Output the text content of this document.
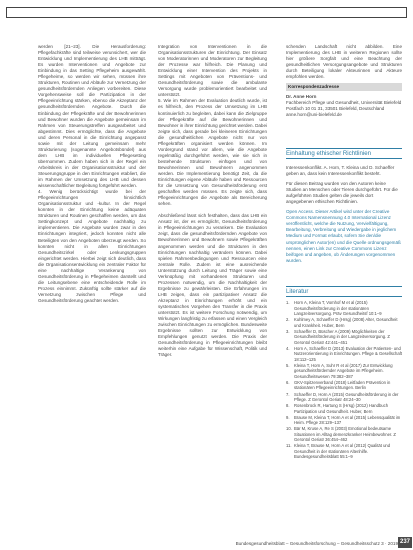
werden [21–23]. Die Herausforderung: Pflegefachkräfte sind teilweise verunsichert, wer die Entwicklung und Implementierung des LHB mitträgt. Es wurden Interventionen und Angebote zur Einbindung in das Setting Pflegeheim ausgewählt. Pflegeheime, so werden wir sehen, müssen ihre Strukturen, Routinen und Abläufe zur Vernetzung der gesundheitsfördernden Anliegen vorbereiten. Diese Vorgehensweise soll die Partizipation in der Pflegeeinrichtung stärken, ebenso die Akzeptanz der gesundheitsfördernden Angebote. Durch die Einbindung der Pflegekräfte und der Bewohnerinnen und Bewohner wurden die Angebote gemeinsam im Rahmen von Steuerungstreffen ausgearbeitet und abgestimmt. Dies ermöglichte, dass die Angebote und deren Personal in die Einrichtung angepasst sowie mit der Leitung gemeinsam mehr Strukturierung (sogenannte Angebotsbündel) aus dem LHB im individuellen Pflegesetting übernommen. Zudem haben sich in der Regel ein Arbeitskreis in der Organisationsstruktur und der Steuerungsgruppe in den Einrichtungen etabliert, die im Rahmen der Umsetzung des LHB und dessen wissenschaftlicher Begleitung fortgeführt werden.

4. Wenig berücksichtigt wurde bei der Pflegeeinrichtungen hinsichtlich Organisationsstruktur und -kultur. In der Regel konnten in der Einrichtung keine adäquaten Strukturen und Routinen geschaffen werden, um das Settingkonzept und Angebote nachhaltig zu implementieren. Die Angebote wurden zwar in den Einrichtungen integriert, jedoch konnten nicht alle Beteiligten von den Angeboten überzeugt werden. So konnten nicht in allen Einrichtungen Gesundheitszirkel oder Lenkungsgruppen eingerichtet werden. Hierbei zeigt sich deutlich, dass die Organisationsentwicklung ein zentraler Faktor für eine nachhaltige Verankerung von Gesundheitsförderung in Pflegeheimen darstellt und die Leitungsebene eine entscheidende Rolle im Prozess einnimmt. Zukünftig sollte stärker auf die Vernetzung zwischen Pflege und Gesundheitsförderung geachtet werden.

Integration von Interventionen in die Organisationsstrukturen der Einrichtung. Der Einsatz von Moderatorinnen und Moderatoren zur Begleitung der Prozesse war hilfreich. Die Planung und Entwicklung einer Intervention des Projekts in Settings mit Angeboten von Präventions- und Gesundheitsförderung sowie die ambulante Versorgung wurde problemorientiert bearbeitet und unterstützt.

5. Wie im Rahmen der Evaluation deutlich wurde, ist es hilfreich, den Prozess der Umsetzung im LHB kontinuierlich zu begleiten, dabei kann die Zielgruppe der Pflegekräfte auf die Bewohnerinnen und Bewohner in ihrer Einrichtung gerichtet werden. Dabei zeigte sich, dass gerade bei kleineren Einrichtungen die gesundheitlichen Angebote nicht nur von Pflegekräften organisiert werden können. Im Vordergrund stand vor allem, wie die Angebote regelmäßig durchgeführt werden, wie sie sich in bestehende Strukturen einfügen und von Bewohnerinnen und Bewohnern angenommen werden. Die Implementierung benötigt Zeit, da die Einrichtungen eigene Abläufe haben und Ressourcen für die Umsetzung von Gesundheitsförderung erst geschaffen werden müssen. Es zeigte sich, dass Pflegeeinrichtungen die Angebote als Bereicherung sehen.

Abschließend lässt sich festhalten, dass das LHB ein Ansatz ist, der es ermöglicht, Gesundheitsförderung in Pflegeeinrichtungen zu verankern. Die Evaluation zeigt, dass die gesundheitsfördernden Angebote von Bewohnerinnen und Bewohnern sowie Pflegekräften angenommen werden und die Strukturen in den Einrichtungen nachhaltig verändern können. Dabei spielen Rahmenbedingungen und Ressourcen eine zentrale Rolle. Zudem ist eine ausreichende Unterstützung durch Leitung und Träger sowie eine Verknüpfung mit vorhandenen Strukturen und Prozessen notwendig, um die Nachhaltigkeit der Ergebnisse zu gewährleisten. Die Erfahrungen im LHB zeigen, dass ein partizipativer Ansatz die Akzeptanz in Einrichtungen erhöht und ein systematisches Vorgehen den Transfer in die Praxis unterstützt. Es ist weitere Forschung notwendig, um Wirkungen langfristig zu erfassen und einen Vergleich zwischen Einrichtungen zu ermöglichen. Bundesweite Ergebnisse sollten zur Entwicklung von Empfehlungen genutzt werden. Die Praxis der Gesundheitsförderung in Pflegeeinrichtungen bleibt weiterhin eine Aufgabe für Wissenschaft, Politik und Träger.

schenden Landschaft nicht abbilden. Eine Implementierung des LHB in weiteren Regionen sollte hier größere Sorgfalt und eine Beachtung der gesundheitlichen Versorgungsangebote und Strukturen durch Beteiligung lokaler Akteurinnen und Akteure empfohlen werden.

Korrespondenzadresse
Dr. Anne Horn
Fachbereich Pflege und Gesundheit, Universität Bielefeld
Postfach 10 01 31, 33501 Bielefeld, Deutschland
anne.horn@uni-bielefeld.de
Einhaltung ethischer Richtlinien

Interessenkonflikt. A. Horn, T. Kleina und D. Schaeffer geben an, dass kein Interessenkonflikt besteht.

Für diesen Beitrag wurden von den Autoren keine Studien an Menschen oder Tieren durchgeführt. Für die aufgeführten Studien gelten die jeweils dort angegebenen ethischen Richtlinien.

Open Access. Dieser Artikel wird unter der Creative Commons Namensnennung 4.0 International Lizenz veröffentlicht, welche die Nutzung, Vervielfältigung, Bearbeitung, Verbreitung und Wiedergabe in jeglichem Medium und Format erlaubt, sofern Sie den/die ursprünglichen Autor(en) und die Quelle ordnungsgemäß nennen, einen Link zur Creative Commons Lizenz beifügen und angeben, ob Änderungen vorgenommen wurden.

Literatur
1.	Horn A, Kleina T, Vomhof M et al (2015) Gesundheitsförderung in der stationären Langzeitversorgung. Präv Gesundheitsf 10:1–9
2.	Kuhlmey A, Schaeffer D (Hrsg) (2008) Alter, Gesundheit und Krankheit. Huber, Bern
3.	Schaeffer D, Büscher A (2009) Möglichkeiten der Gesundheitsförderung in der Langzeitversorgung. Z Gerontol Geriatr 42:441–451
4.	Horn A, Schaeffer D (2013) Evaluation der Patienten- und Nutzerorientierung in Einrichtungen. Pflege & Gesellschaft 18:112–125
5.	Kleina T, Horn A, Suhr R et al (2017) Zur Entwicklung gesundheitsfördernder Angebote im Pflegeheim. Gesundheitswesen 79:382–387
6.	GKV-Spitzenverband (2018) Leitfaden Prävention in stationären Pflegeeinrichtungen. Berlin
7.	Schaeffer D, Horn A (2015) Gesundheitsförderung in der Pflege. Z Gerontol Geriatr 48:24–30
8.	Rosenbrock R, Hartung S (Hrsg) (2012) Handbuch Partizipation und Gesundheit. Huber, Bern
9.	Brause M, Kleina T, Horn A et al (2015) Lebensqualität im Heim. Pflege 28:129–137
10. Bär M, Kruse A, Re S (2003) Emotional bedeutsame Situationen im Alltag demenzkranker Heimbewohner. Z Gerontol Geriatr 36:454–462
11. Kleina T, Brause M, Horn A et al (2012) Qualität und Gesundheit in der stationären Altenhilfe. Bundesgesundheitsblatt 55:1–9
Bundesgesundheitsblatt – Gesundheitsforschung – Gesundheitsschutz 3 · 2019 237
